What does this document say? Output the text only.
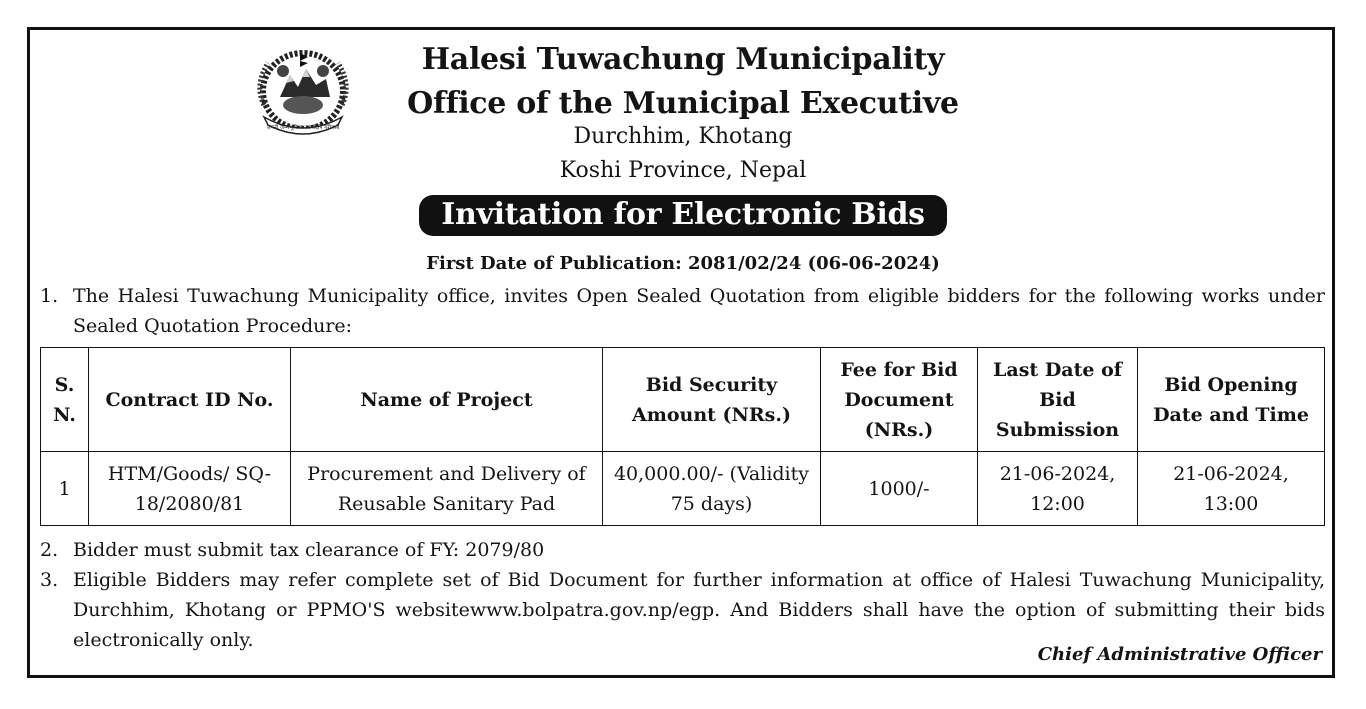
जननी जन्मभूमिश्च स्वर्गादपि गरीयसी
Halesi Tuwachung Municipality
Office of the Municipal Executive
Durchhim, Khotang
Koshi Province, Nepal
Invitation for Electronic Bids
First Date of Publication: 2081/02/24 (06-06-2024)
1. The Halesi Tuwachung Municipality office, invites Open Sealed Quotation from eligible bidders for the following works under Sealed Quotation Procedure:
S. N.	Contract ID No.	Name of Project	Bid Security Amount (NRs.)	Fee for Bid Document (NRs.)	Last Date of Bid Submission	Bid Opening Date and Time
1	HTM/Goods/ SQ-18/2080/81	Procurement and Delivery of Reusable Sanitary Pad	40,000.00/- (Validity 75 days)	1000/-	21-06-2024, 12:00	21-06-2024, 13:00
2. Bidder must submit tax clearance of FY: 2079/80
3. Eligible Bidders may refer complete set of Bid Document for further information at office of Halesi Tuwachung Municipality, Durchhim, Khotang or PPMO'S websitewww.bolpatra.gov.np/egp. And Bidders shall have the option of submitting their bids electronically only.
Chief Administrative Officer
